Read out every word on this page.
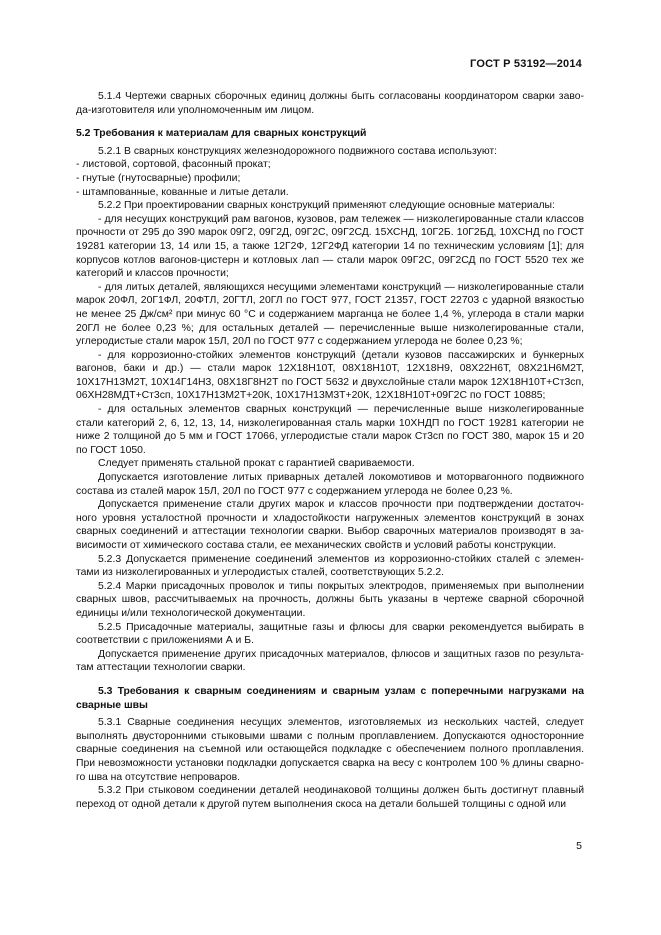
ГОСТ Р 53192—2014

5.1.4 Чертежи сварных сборочных единиц должны быть согласованы координатором сварки завода-изготовителя или уполномоченным им лицом.

5.2 Требования к материалам для сварных конструкций

5.2.1 В сварных конструкциях железнодорожного подвижного состава используют:

- листовой, сортовой, фасонный прокат;

- гнутые (гнутосварные) профили;

- штампованные, кованные и литые детали.

5.2.2 При проектировании сварных конструкций применяют следующие основные материалы:

- для несущих конструкций рам вагонов, кузовов, рам тележек — низколегированные стали классов прочности от 295 до 390 марок 09Г2, 09Г2Д, 09Г2С, 09Г2СД. 15ХСНД, 10Г2Б. 10Г2БД, 10ХСНД по ГОСТ 19281 категории 13, 14 или 15, а также 12Г2Ф, 12Г2ФД категории 14 по техническим условиям [1]; для корпусов котлов вагонов-цистерн и котловых лап — стали марок 09Г2С, 09Г2СД по ГОСТ 5520 тех же категорий и классов прочности;

- для литых деталей, являющихся несущими элементами конструкций — низколегированные стали марок 20ФЛ, 20Г1ФЛ, 20ФТЛ, 20ГТЛ, 20ГЛ по ГОСТ 977, ГОСТ 21357, ГОСТ 22703 с ударной вязкостью не менее 25 Дж/см² при минус 60 °С и содержанием марганца не более 1,4 %, углерода в стали марки 20ГЛ не более 0,23 %; для остальных деталей — перечисленные выше низколегированные стали, углеродистые стали марок 15Л, 20Л по ГОСТ 977 с содержанием углерода не более 0,23 %;

- для коррозионно-стойких элементов конструкций (детали кузовов пассажирских и бункерных вагонов, баки и др.) — стали марок 12Х18Н10Т, 08Х18Н10Т, 12Х18Н9, 08Х22Н6Т, 08Х21Н6М2Т, 10Х17Н13М2Т, 10Х14Г14Н3, 08Х18Г8Н2Т по ГОСТ 5632 и двухслойные стали марок 12Х18Н10Т+Ст3сп, 06ХН28МДТ+Ст3сп, 10Х17Н13М2Т+20К, 10Х17Н13М3Т+20К, 12Х18Н10Т+09Г2С по ГОСТ 10885;

- для остальных элементов сварных конструкций — перечисленные выше низколегированные стали категорий 2, 6, 12, 13, 14, низколегированная сталь марки 10ХНДП по ГОСТ 19281 категории не ниже 2 толщиной до 5 мм и ГОСТ 17066, углеродистые стали марок Ст3сп по ГОСТ 380, марок 15 и 20 по ГОСТ 1050.

Следует применять стальной прокат с гарантией свариваемости.

Допускается изготовление литых приварных деталей локомотивов и моторвагонного подвижного состава из сталей марок 15Л, 20Л по ГОСТ 977 с содержанием углерода не более 0,23 %.

Допускается применение стали других марок и классов прочности при подтверждении достаточного уровня усталостной прочности и хладостойкости нагруженных элементов конструкций в зонах сварных соединений и аттестации технологии сварки. Выбор сварочных материалов производят в зависимости от химического состава стали, ее механических свойств и условий работы конструкции.

5.2.3 Допускается применение соединений элементов из коррозионно-стойких сталей с элементами из низколегированных и углеродистых сталей, соответствующих 5.2.2.

5.2.4 Марки присадочных проволок и типы покрытых электродов, применяемых при выполнении сварных швов, рассчитываемых на прочность, должны быть указаны в чертеже сварной сборочной единицы и/или технологической документации.

5.2.5 Присадочные материалы, защитные газы и флюсы для сварки рекомендуется выбирать в соответствии с приложениями А и Б.

Допускается применение других присадочных материалов, флюсов и защитных газов по результатам аттестации технологии сварки.

5.3 Требования к сварным соединениям и сварным узлам с поперечными нагрузками на сварные швы

5.3.1 Сварные соединения несущих элементов, изготовляемых из нескольких частей, следует выполнять двусторонними стыковыми швами с полным проплавлением. Допускаются односторонние сварные соединения на съемной или остающейся подкладке с обеспечением полного проплавления. При невозможности установки подкладки допускается сварка на весу с контролем 100 % длины сварного шва на отсутствие непроваров.

5.3.2 При стыковом соединении деталей неодинаковой толщины должен быть достигнут плавный переход от одной детали к другой путем выполнения скоса на детали большей толщины с одной или

5
